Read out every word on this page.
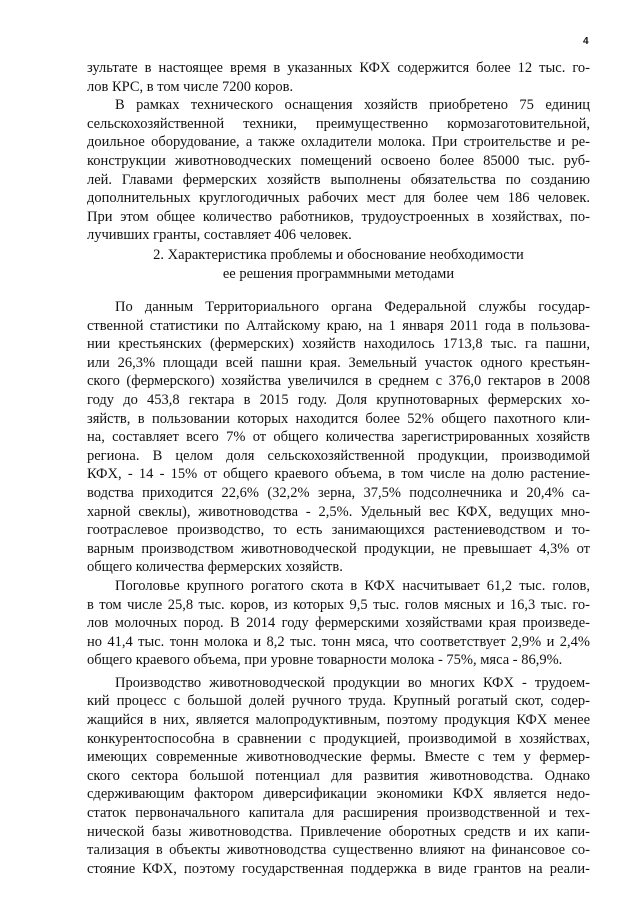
4
зультате в настоящее время в указанных КФХ содержится более 12 тыс. го-
лов КРС, в том числе 7200 коров.
В рамках технического оснащения хозяйств приобретено 75 единиц
сельскохозяйственной техники, преимущественно кормозаготовительной,
доильное оборудование, а также охладители молока. При строительстве и ре-
конструкции животноводческих помещений освоено более 85000 тыс. руб-
лей. Главами фермерских хозяйств выполнены обязательства по созданию
дополнительных круглогодичных рабочих мест для более чем 186 человек.
При этом общее количество работников, трудоустроенных в хозяйствах, по-
лучивших гранты, составляет 406 человек.
2. Характеристика проблемы и обоснование необходимости
ее решения программными методами
По данным Территориального органа Федеральной службы государ-
ственной статистики по Алтайскому краю, на 1 января 2011 года в пользова-
нии крестьянских (фермерских) хозяйств находилось 1713,8 тыс. га пашни,
или 26,3% площади всей пашни края. Земельный участок одного крестьян-
ского (фермерского) хозяйства увеличился в среднем с 376,0 гектаров в 2008
году до 453,8 гектара в 2015 году. Доля крупнотоварных фермерских хо-
зяйств, в пользовании которых находится более 52% общего пахотного кли-
на, составляет всего 7% от общего количества зарегистрированных хозяйств
региона. В целом доля сельскохозяйственной продукции, производимой
КФХ, - 14 - 15% от общего краевого объема, в том числе на долю растение-
водства приходится 22,6% (32,2% зерна, 37,5% подсолнечника и 20,4% са-
харной свеклы), животноводства - 2,5%. Удельный вес КФХ, ведущих мно-
гоотраслевое производство, то есть занимающихся растениеводством и то-
варным производством животноводческой продукции, не превышает 4,3% от
общего количества фермерских хозяйств.
Поголовье крупного рогатого скота в КФХ насчитывает 61,2 тыс. голов,
в том числе 25,8 тыс. коров, из которых 9,5 тыс. голов мясных и 16,3 тыс. го-
лов молочных пород. В 2014 году фермерскими хозяйствами края произведе-
но 41,4 тыс. тонн молока и 8,2 тыс. тонн мяса, что соответствует 2,9% и 2,4%
общего краевого объема, при уровне товарности молока - 75%, мяса - 86,9%.
Производство животноводческой продукции во многих КФХ - трудоем-
кий процесс с большой долей ручного труда. Крупный рогатый скот, содер-
жащийся в них, является малопродуктивным, поэтому продукция КФХ менее
конкурентоспособна в сравнении с продукцией, производимой в хозяйствах,
имеющих современные животноводческие фермы. Вместе с тем у фермер-
ского сектора большой потенциал для развития животноводства. Однако
сдерживающим фактором диверсификации экономики КФХ является недо-
статок первоначального капитала для расширения производственной и тех-
нической базы животноводства. Привлечение оборотных средств и их капи-
тализация в объекты животноводства существенно влияют на финансовое со-
стояние КФХ, поэтому государственная поддержка в виде грантов на реали-
